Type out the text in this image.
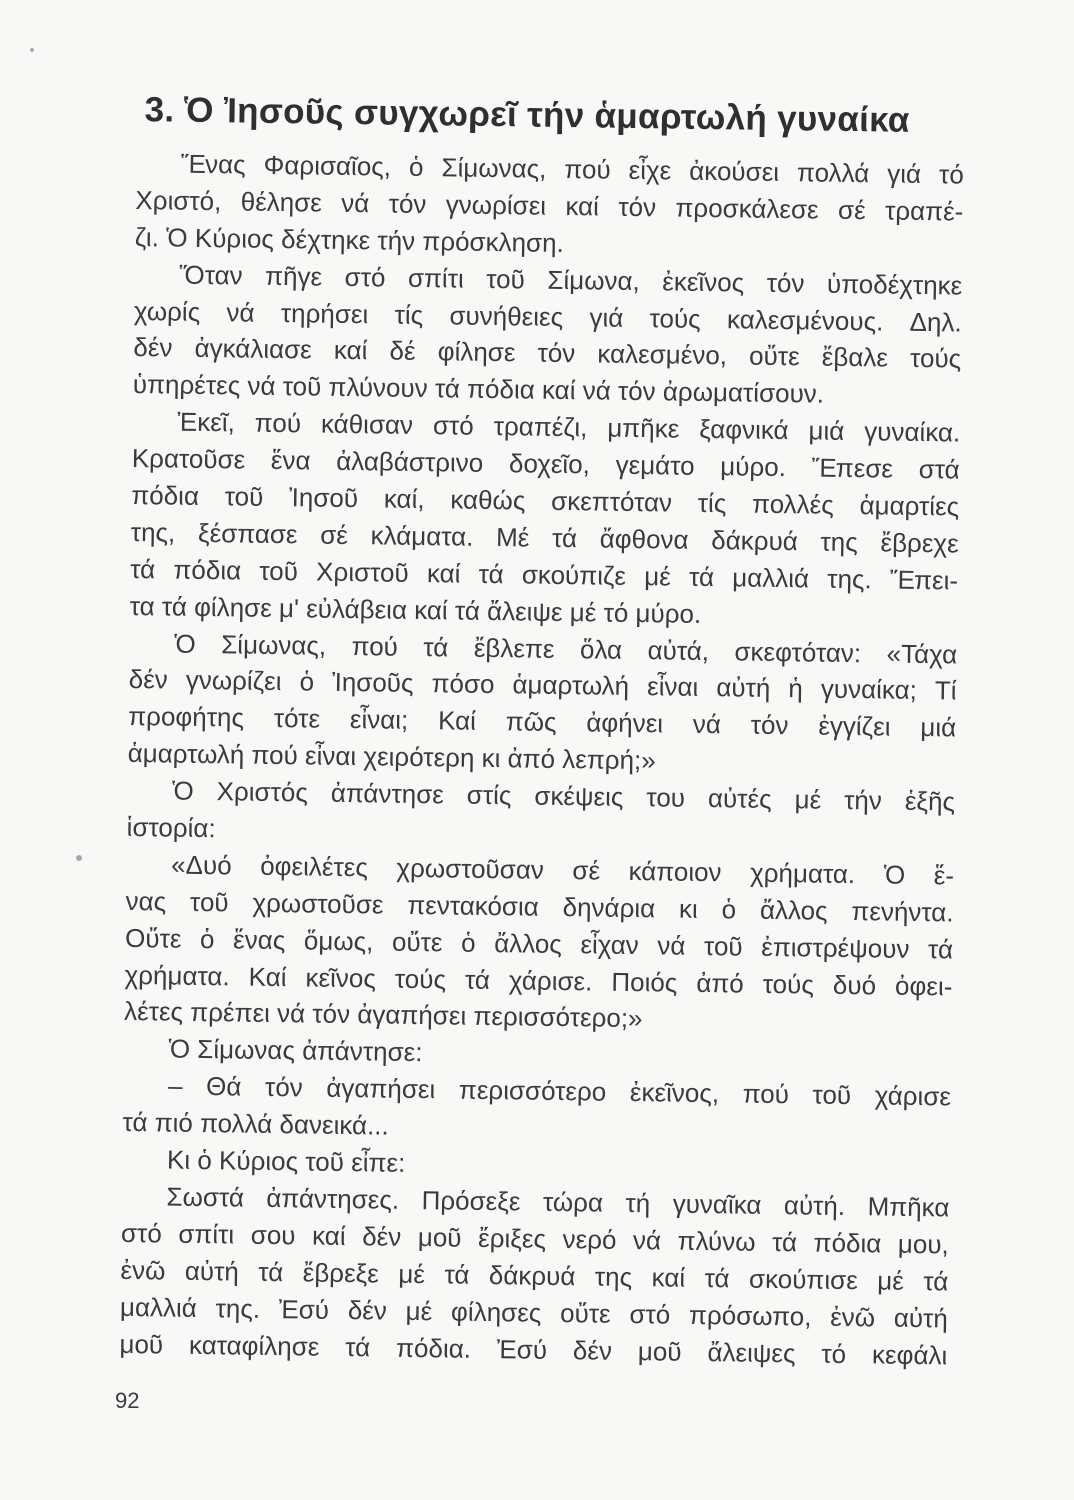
3. Ὁ Ἰησοῦς συγχωρεῖ τήν ἁμαρτωλή γυναίκα
Ἕνας Φαρισαῖος, ὁ Σίμωνας, πού εἶχε ἀκούσει πολλά γιά τό
Χριστό, θέλησε νά τόν γνωρίσει καί τόν προσκάλεσε σέ τραπέ-
ζι. Ὁ Κύριος δέχτηκε τήν πρόσκληση.
Ὅταν πῆγε στό σπίτι τοῦ Σίμωνα, ἐκεῖνος τόν ὑποδέχτηκε
χωρίς νά τηρήσει τίς συνήθειες γιά τούς καλεσμένους. Δηλ.
δέν ἀγκάλιασε καί δέ φίλησε τόν καλεσμένο, οὔτε ἔβαλε τούς
ὑπηρέτες νά τοῦ πλύνουν τά πόδια καί νά τόν ἀρωματίσουν.
Ἐκεῖ, πού κάθισαν στό τραπέζι, μπῆκε ξαφνικά μιά γυναίκα.
Κρατοῦσε ἕνα ἀλαβάστρινο δοχεῖο, γεμάτο μύρο. Ἔπεσε στά
πόδια τοῦ Ἰησοῦ καί, καθώς σκεπτόταν τίς πολλές ἁμαρτίες
της, ξέσπασε σέ κλάματα. Μέ τά ἄφθονα δάκρυά της ἔβρεχε
τά πόδια τοῦ Χριστοῦ καί τά σκούπιζε μέ τά μαλλιά της. Ἔπει-
τα τά φίλησε μ' εὐλάβεια καί τά ἄλειψε μέ τό μύρο.
Ὁ Σίμωνας, πού τά ἔβλεπε ὅλα αὐτά, σκεφτόταν: «Τάχα
δέν γνωρίζει ὁ Ἰησοῦς πόσο ἁμαρτωλή εἶναι αὐτή ἡ γυναίκα; Τί
προφήτης τότε εἶναι; Καί πῶς ἀφήνει νά τόν ἐγγίζει μιά
ἁμαρτωλή πού εἶναι χειρότερη κι ἀπό λεπρή;»
Ὁ Χριστός ἀπάντησε στίς σκέψεις του αὐτές μέ τήν ἑξῆς
ἱστορία:
«Δυό ὀφειλέτες χρωστοῦσαν σέ κάποιον χρήματα. Ὁ ἕ-
νας τοῦ χρωστοῦσε πεντακόσια δηνάρια κι ὁ ἄλλος πενήντα.
Οὔτε ὁ ἕνας ὅμως, οὔτε ὁ ἄλλος εἶχαν νά τοῦ ἐπιστρέψουν τά
χρήματα. Καί κεῖνος τούς τά χάρισε. Ποιός ἀπό τούς δυό ὀφει-
λέτες πρέπει νά τόν ἀγαπήσει περισσότερο;»
Ὁ Σίμωνας ἀπάντησε:
– Θά τόν ἀγαπήσει περισσότερο ἐκεῖνος, πού τοῦ χάρισε
τά πιό πολλά δανεικά...
Κι ὁ Κύριος τοῦ εἶπε:
Σωστά ἀπάντησες. Πρόσεξε τώρα τή γυναῖκα αὐτή. Μπῆκα
στό σπίτι σου καί δέν μοῦ ἔριξες νερό νά πλύνω τά πόδια μου,
ἐνῶ αὐτή τά ἔβρεξε μέ τά δάκρυά της καί τά σκούπισε μέ τά
μαλλιά της. Ἐσύ δέν μέ φίλησες οὔτε στό πρόσωπο, ἐνῶ αὐτή
μοῦ καταφίλησε τά πόδια. Ἐσύ δέν μοῦ ἄλειψες τό κεφάλι
92
